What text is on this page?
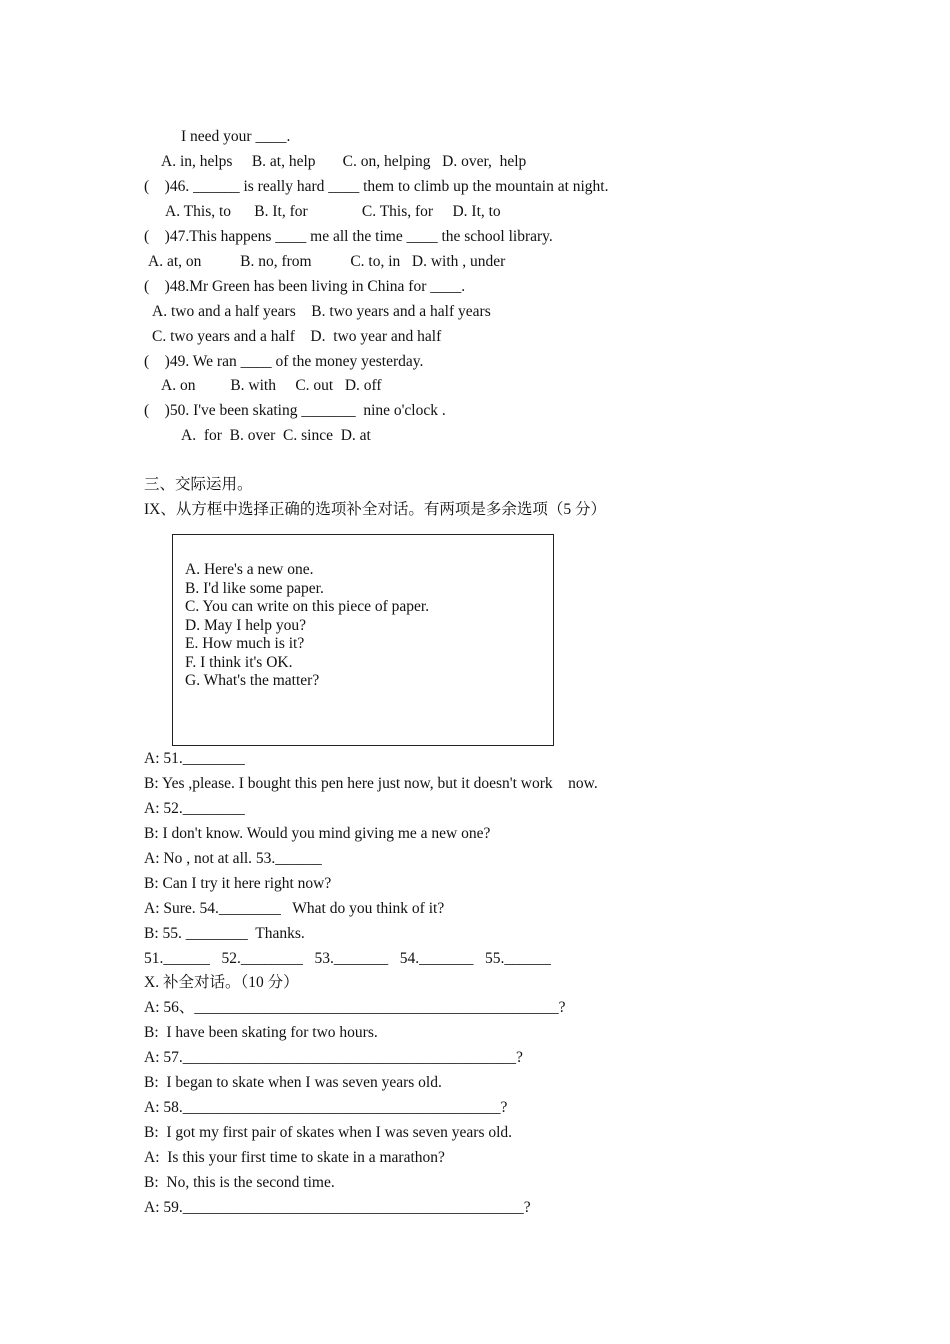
I need your ____.
A. in, helps     B. at, help       C. on, helping   D. over,  help
(    )46. ______ is really hard ____ them to climb up the mountain at night.
A. This, to      B. It, for              C. This, for     D. It, to
(    )47.This happens ____ me all the time ____ the school library.
A. at, on          B. no, from          C. to, in   D. with , under
(    )48.Mr Green has been living in China for ____.
A. two and a half years    B. two years and a half years
C. two years and a half    D.  two year and half
(    )49. We ran ____ of the money yesterday.
A. on         B. with     C. out   D. off
(    )50. I've been skating _______  nine o'clock .
A.  for  B. over  C. since  D. at
三、交际运用。
IX、从方框中选择正确的选项补全对话。有两项是多余选项（5 分）
A. Here's a new one.
B. I'd like some paper.
C. You can write on this piece of paper.
D. May I help you?
E. How much is it?
F. I think it's OK.
G. What's the matter?
A: 51.________
B: Yes ,please. I bought this pen here just now, but it doesn't work    now.
A: 52.________
B: I don't know. Would you mind giving me a new one?
A: No , not at all. 53.______
B: Can I try it here right now?
A: Sure. 54.________   What do you think of it?
B: 55. ________  Thanks.
51.______   52.________   53._______   54._______   55.______
X. 补全对话。（10 分）
A: 56、_______________________________________________?
B:  I have been skating for two hours.
A: 57.___________________________________________?
B:  I began to skate when I was seven years old.
A: 58._________________________________________?
B:  I got my first pair of skates when I was seven years old.
A:  Is this your first time to skate in a marathon?
B:  No, this is the second time.
A: 59.____________________________________________?
